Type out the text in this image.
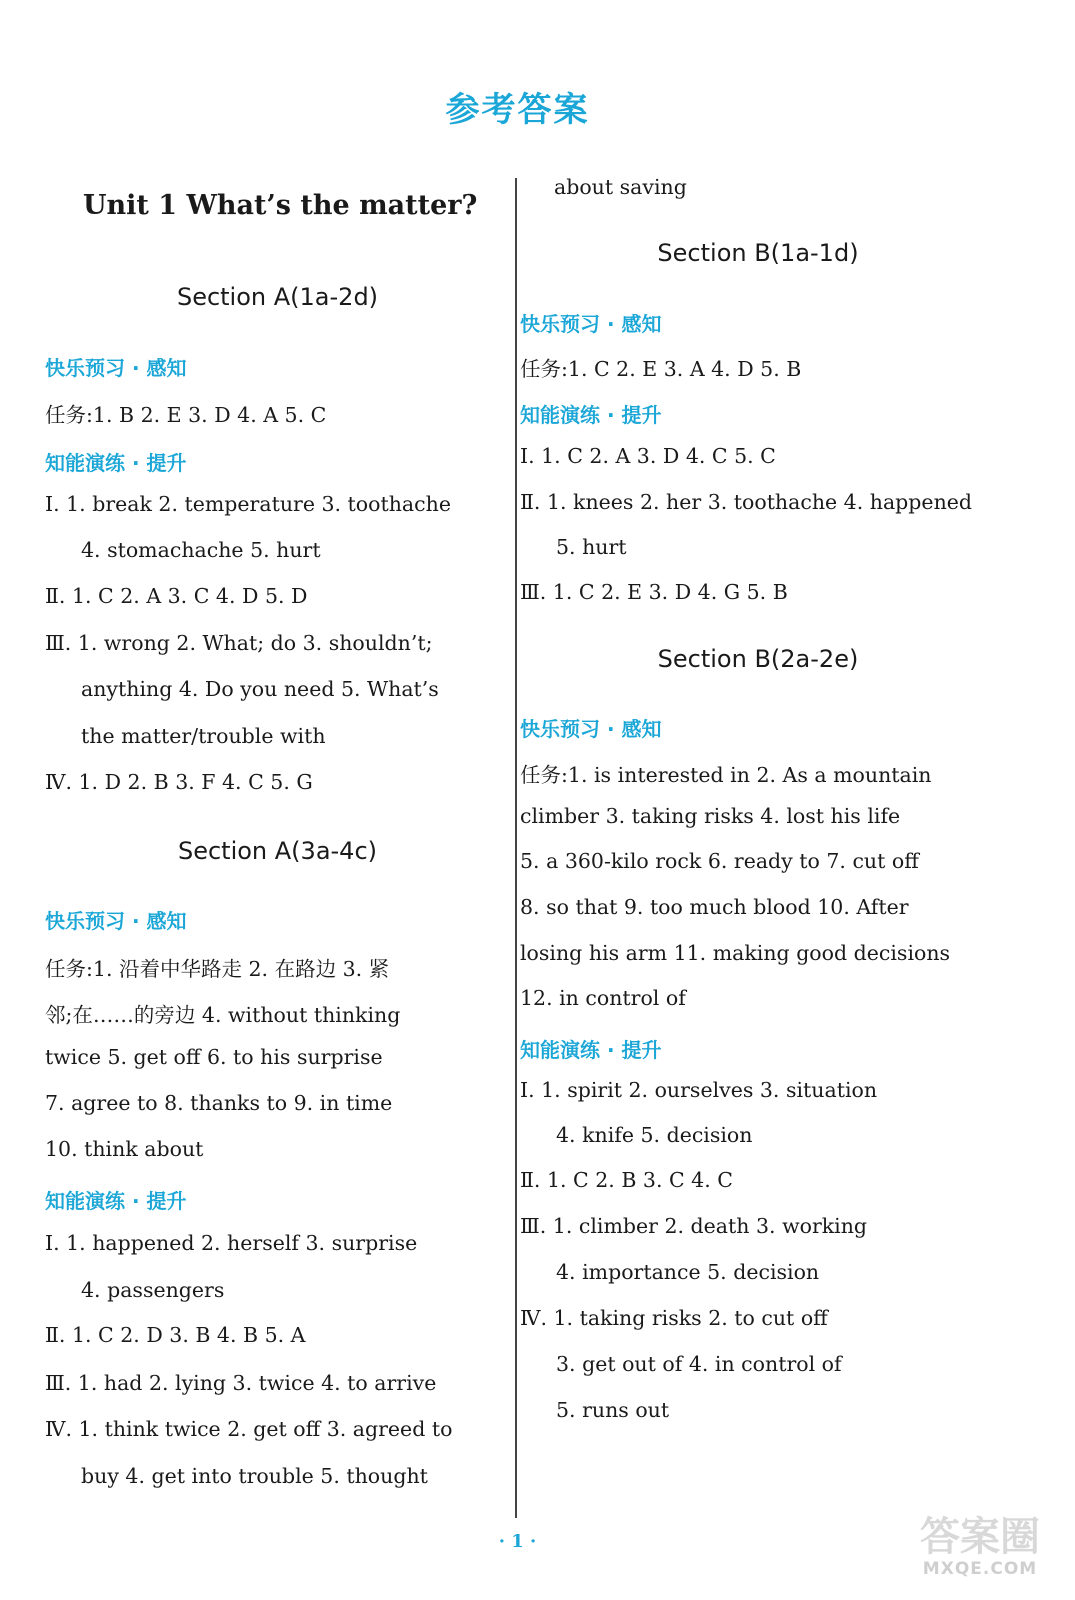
参考答案
Unit 1 What’s the matter?
Section A(1a-2d)
快乐预习 · 感知
任务:1. B 2. E 3. D 4. A 5. C
知能演练 · 提升
Ⅰ. 1. break 2. temperature 3. toothache
4. stomachache 5. hurt
Ⅱ. 1. C 2. A 3. C 4. D 5. D
Ⅲ. 1. wrong 2. What; do 3. shouldn’t;
anything 4. Do you need 5. What’s
the matter/trouble with
Ⅳ. 1. D 2. B 3. F 4. C 5. G
Section A(3a-4c)
快乐预习 · 感知
任务:1. 沿着中华路走 2. 在路边 3. 紧
邻;在……的旁边 4. without thinking
twice 5. get off 6. to his surprise
7. agree to 8. thanks to 9. in time
10. think about
知能演练 · 提升
Ⅰ. 1. happened 2. herself 3. surprise
4. passengers
Ⅱ. 1. C 2. D 3. B 4. B 5. A
Ⅲ. 1. had 2. lying 3. twice 4. to arrive
Ⅳ. 1. think twice 2. get off 3. agreed to
buy 4. get into trouble 5. thought
about saving
Section B(1a-1d)
快乐预习 · 感知
任务:1. C 2. E 3. A 4. D 5. B
知能演练 · 提升
Ⅰ. 1. C 2. A 3. D 4. C 5. C
Ⅱ. 1. knees 2. her 3. toothache 4. happened
5. hurt
Ⅲ. 1. C 2. E 3. D 4. G 5. B
Section B(2a-2e)
快乐预习 · 感知
任务:1. is interested in 2. As a mountain
climber 3. taking risks 4. lost his life
5. a 360-kilo rock 6. ready to 7. cut off
8. so that 9. too much blood 10. After
losing his arm 11. making good decisions
12. in control of
知能演练 · 提升
Ⅰ. 1. spirit 2. ourselves 3. situation
4. knife 5. decision
Ⅱ. 1. C 2. B 3. C 4. C
Ⅲ. 1. climber 2. death 3. working
4. importance 5. decision
Ⅳ. 1. taking risks 2. to cut off
3. get out of 4. in control of
5. runs out
· 1 ·	答案圈
MXQE.COM
